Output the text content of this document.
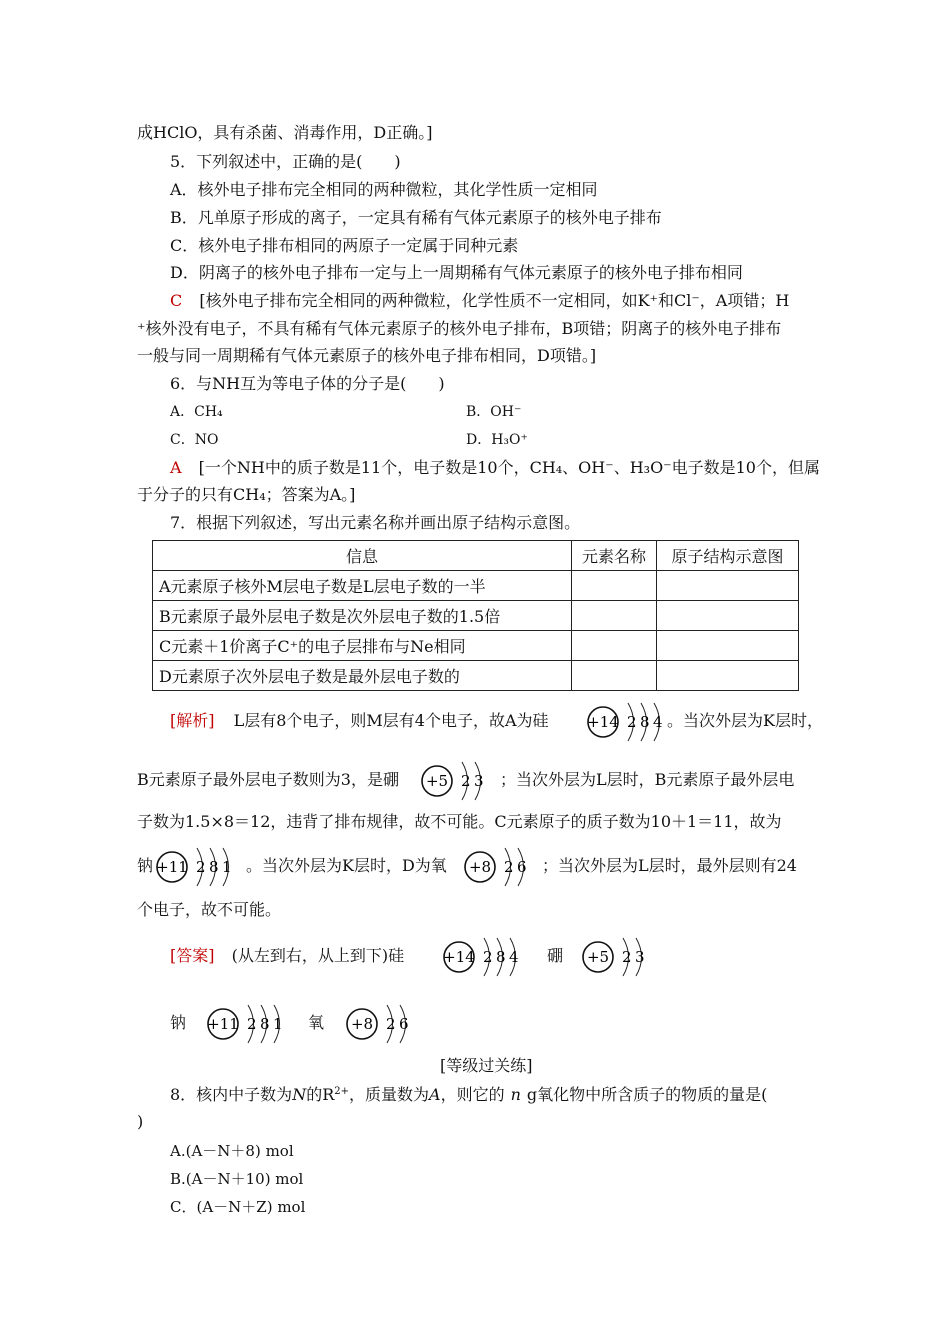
成HClO，具有杀菌、消毒作用，D正确。]
5．下列叙述中，正确的是(　　)
A．核外电子排布完全相同的两种微粒，其化学性质一定相同
B．凡单原子形成的离子，一定具有稀有气体元素原子的核外电子排布
C．核外电子排布相同的两原子一定属于同种元素
D．阴离子的核外电子排布一定与上一周期稀有气体元素原子的核外电子排布相同
C [核外电子排布完全相同的两种微粒，化学性质不一定相同，如K⁺和Cl⁻，A项错；H
⁺核外没有电子，不具有稀有气体元素原子的核外电子排布，B项错；阴离子的核外电子排布
一般与同一周期稀有气体元素原子的核外电子排布相同，D项错。]
6．与NH互为等电子体的分子是(　　)
A．CH₄	B．OH⁻
C．NO	D．H₃O⁺
A [一个NH中的质子数是11个，电子数是10个，CH₄、OH⁻、H₃O⁻电子数是10个，但属
于分子的只有CH₄；答案为A。]
7．根据下列叙述，写出元素名称并画出原子结构示意图。
信息	元素名称	原子结构示意图
A元素原子核外M层电子数是L层电子数的一半		
B元素原子最外层电子数是次外层电子数的1.5倍		
C元素＋1价离子C⁺的电子层排布与Ne相同		
D元素原子次外层电子数是最外层电子数的		
[解析] L层有8个电子，则M层有4个电子，故A为硅	+14 2 8 4 。当次外层为K层时，
B元素原子最外层电子数则为3，是硼 +5 2 3 ；当次外层为L层时，B元素原子最外层电
子数为1.5×8＝12，违背了排布规律，故不可能。C元素原子的质子数为10＋1＝11，故为
钠 +11 2 8 1 。当次外层为K层时，D为氧 +8 2 6 ；当次外层为L层时，最外层则有24
个电子，故不可能。
[答案] (从左到右，从上到下)硅	+14 2 8 4 硼 +5 2 3
钠 +11 2 8 1 氧 +8 2 6
[等级过关练]
8．核内中子数为N的$R^{2+}$，质量数为A，则它的 n g氧化物中所含质子的物质的量是(
)
A.(A－N＋8) mol
B.(A－N＋10) mol
C．(A－N＋Z) mol
